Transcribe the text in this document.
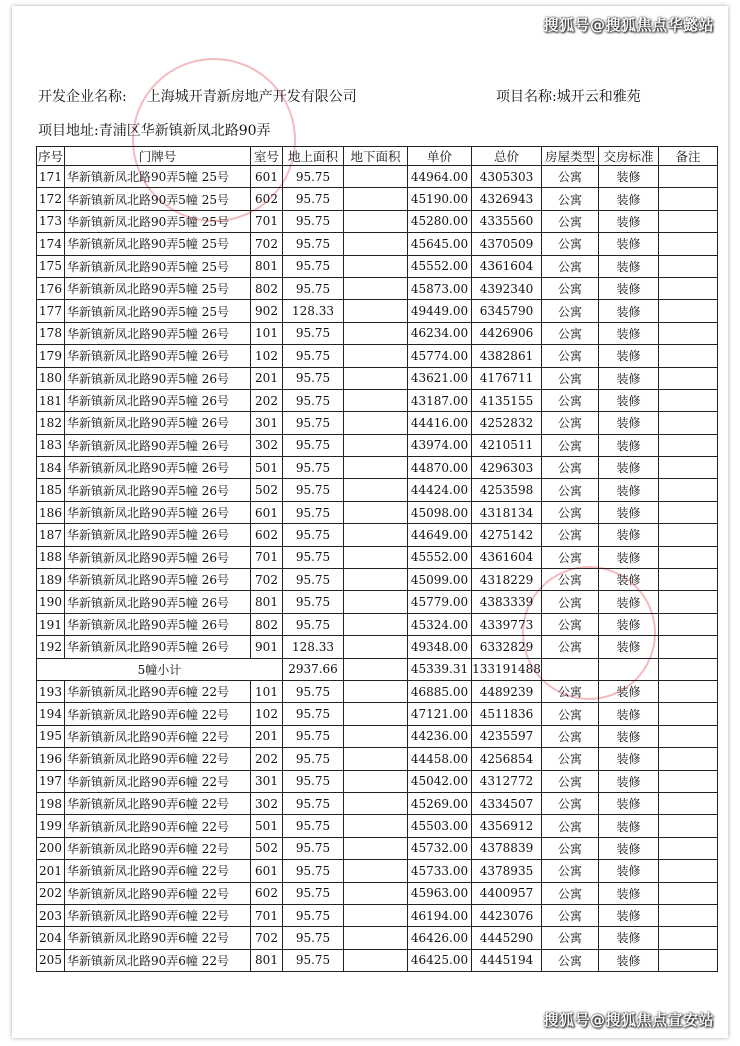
开发企业名称: 上海城开青新房地产开发有限公司	项目名称:城开云和雅苑
项目地址:青浦区华新镇新凤北路90弄
序号	门牌号	室号	地上面积	地下面积	单价	总价	房屋类型	交房标准	备注
171	华新镇新凤北路90弄5幢 25号	601	95.75		44964.00	4305303	公寓	装修	
172	华新镇新凤北路90弄5幢 25号	602	95.75		45190.00	4326943	公寓	装修	
173	华新镇新凤北路90弄5幢 25号	701	95.75		45280.00	4335560	公寓	装修	
174	华新镇新凤北路90弄5幢 25号	702	95.75		45645.00	4370509	公寓	装修	
175	华新镇新凤北路90弄5幢 25号	801	95.75		45552.00	4361604	公寓	装修	
176	华新镇新凤北路90弄5幢 25号	802	95.75		45873.00	4392340	公寓	装修	
177	华新镇新凤北路90弄5幢 25号	902	128.33		49449.00	6345790	公寓	装修	
178	华新镇新凤北路90弄5幢 26号	101	95.75		46234.00	4426906	公寓	装修	
179	华新镇新凤北路90弄5幢 26号	102	95.75		45774.00	4382861	公寓	装修	
180	华新镇新凤北路90弄5幢 26号	201	95.75		43621.00	4176711	公寓	装修	
181	华新镇新凤北路90弄5幢 26号	202	95.75		43187.00	4135155	公寓	装修	
182	华新镇新凤北路90弄5幢 26号	301	95.75		44416.00	4252832	公寓	装修	
183	华新镇新凤北路90弄5幢 26号	302	95.75		43974.00	4210511	公寓	装修	
184	华新镇新凤北路90弄5幢 26号	501	95.75		44870.00	4296303	公寓	装修	
185	华新镇新凤北路90弄5幢 26号	502	95.75		44424.00	4253598	公寓	装修	
186	华新镇新凤北路90弄5幢 26号	601	95.75		45098.00	4318134	公寓	装修	
187	华新镇新凤北路90弄5幢 26号	602	95.75		44649.00	4275142	公寓	装修	
188	华新镇新凤北路90弄5幢 26号	701	95.75		45552.00	4361604	公寓	装修	
189	华新镇新凤北路90弄5幢 26号	702	95.75		45099.00	4318229	公寓	装修	
190	华新镇新凤北路90弄5幢 26号	801	95.75		45779.00	4383339	公寓	装修	
191	华新镇新凤北路90弄5幢 26号	802	95.75		45324.00	4339773	公寓	装修	
192	华新镇新凤北路90弄5幢 26号	901	128.33		49348.00	6332829	公寓	装修	
5幢小计			2937.66		45339.31	133191488			
193	华新镇新凤北路90弄6幢 22号	101	95.75		46885.00	4489239	公寓	装修	
194	华新镇新凤北路90弄6幢 22号	102	95.75		47121.00	4511836	公寓	装修	
195	华新镇新凤北路90弄6幢 22号	201	95.75		44236.00	4235597	公寓	装修	
196	华新镇新凤北路90弄6幢 22号	202	95.75		44458.00	4256854	公寓	装修	
197	华新镇新凤北路90弄6幢 22号	301	95.75		45042.00	4312772	公寓	装修	
198	华新镇新凤北路90弄6幢 22号	302	95.75		45269.00	4334507	公寓	装修	
199	华新镇新凤北路90弄6幢 22号	501	95.75		45503.00	4356912	公寓	装修	
200	华新镇新凤北路90弄6幢 22号	502	95.75		45732.00	4378839	公寓	装修	
201	华新镇新凤北路90弄6幢 22号	601	95.75		45733.00	4378935	公寓	装修	
202	华新镇新凤北路90弄6幢 22号	602	95.75		45963.00	4400957	公寓	装修	
203	华新镇新凤北路90弄6幢 22号	701	95.75		46194.00	4423076	公寓	装修	
204	华新镇新凤北路90弄6幢 22号	702	95.75		46426.00	4445290	公寓	装修	
205	华新镇新凤北路90弄6幢 22号	801	95.75		46425.00	4445194	公寓	装修	
搜狐号@搜狐焦点华懿站
搜狐号@搜狐焦点宣安站
